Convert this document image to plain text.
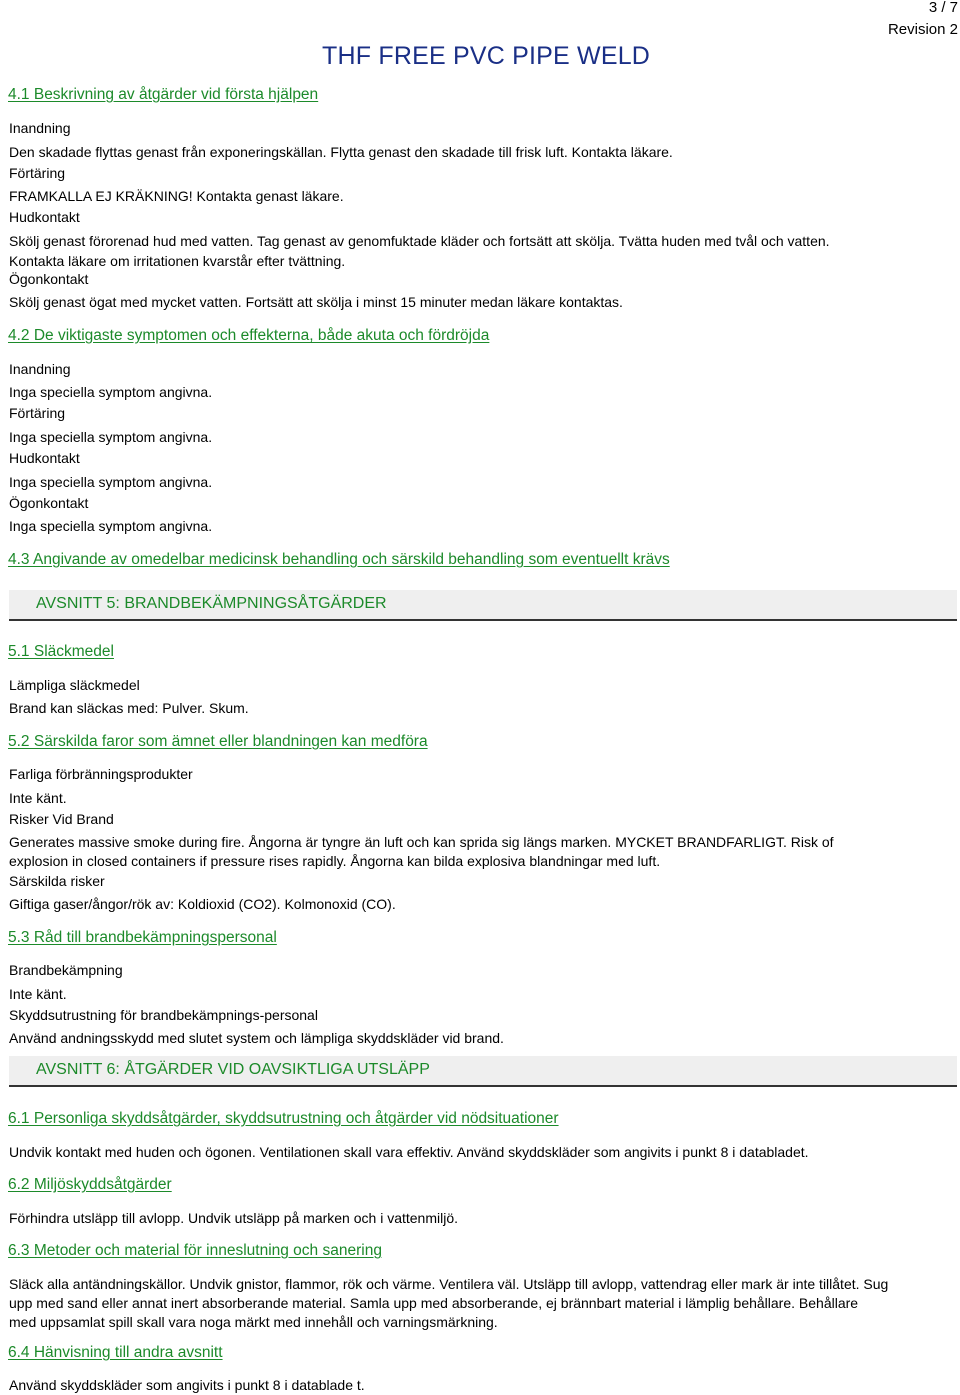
3 / 7
Revision 2
THF FREE PVC PIPE WELD
4.1 Beskrivning av åtgärder vid första hjälpen
Inandning
Den skadade flyttas genast från exponeringskällan. Flytta genast den skadade till frisk luft. Kontakta läkare.
Förtäring
FRAMKALLA EJ KRÄKNING! Kontakta genast läkare.
Hudkontakt
Skölj genast förorenad hud med vatten. Tag genast av genomfuktade kläder och fortsätt att skölja. Tvätta huden med tvål och vatten.
Kontakta läkare om irritationen kvarstår efter tvättning.
Ögonkontakt
Skölj genast ögat med mycket vatten. Fortsätt att skölja i minst 15 minuter medan läkare kontaktas.
4.2 De viktigaste symptomen och effekterna, både akuta och fördröjda
Inandning
Inga speciella symptom angivna.
Förtäring
Inga speciella symptom angivna.
Hudkontakt
Inga speciella symptom angivna.
Ögonkontakt
Inga speciella symptom angivna.
4.3 Angivande av omedelbar medicinsk behandling och särskild behandling som eventuellt krävs
AVSNITT 5: BRANDBEKÄMPNINGSÅTGÄRDER
5.1 Släckmedel
Lämpliga släckmedel
Brand kan släckas med: Pulver. Skum.
5.2 Särskilda faror som ämnet eller blandningen kan medföra
Farliga förbränningsprodukter
Inte känt.
Risker Vid Brand
Generates massive smoke during fire. Ångorna är tyngre än luft och kan sprida sig längs marken. MYCKET BRANDFARLIGT. Risk of explosion in closed containers if pressure rises rapidly. Ångorna kan bilda explosiva blandningar med luft.
Särskilda risker
Giftiga gaser/ångor/rök av: Koldioxid (CO2). Kolmonoxid (CO).
5.3 Råd till brandbekämpningspersonal
Brandbekämpning
Inte känt.
Skyddsutrustning för brandbekämpnings-personal
Använd andningsskydd med slutet system och lämpliga skyddskläder vid brand.
AVSNITT 6: ÅTGÄRDER VID OAVSIKTLIGA UTSLÄPP
6.1 Personliga skyddsåtgärder, skyddsutrustning och åtgärder vid nödsituationer
Undvik kontakt med huden och ögonen. Ventilationen skall vara effektiv. Använd skyddskläder som angivits i punkt 8 i databladet.
6.2 Miljöskyddsåtgärder
Förhindra utsläpp till avlopp. Undvik utsläpp på marken och i vattenmiljö.
6.3 Metoder och material för inneslutning och sanering
Släck alla antändningskällor. Undvik gnistor, flammor, rök och värme. Ventilera väl. Utsläpp till avlopp, vattendrag eller mark är inte tillåtet. Sug upp med sand eller annat inert absorberande material. Samla upp med absorberande, ej brännbart material i lämplig behållare. Behållare med uppsamlat spill skall vara noga märkt med innehåll och varningsmärkning.
6.4 Hänvisning till andra avsnitt
Använd skyddskläder som angivits i punkt 8 i datablade t.
